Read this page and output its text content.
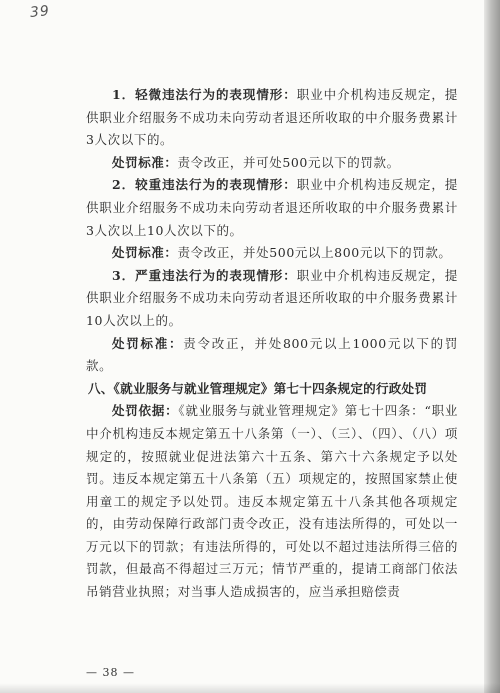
39

1．轻微违法行为的表现情形：职业中介机构违反规定，提供职业介绍服务不成功未向劳动者退还所收取的中介服务费累计3人次以下的。

处罚标准：责令改正，并可处500元以下的罚款。

2．较重违法行为的表现情形：职业中介机构违反规定，提供职业介绍服务不成功未向劳动者退还所收取的中介服务费累计3人次以上10人次以下的。

处罚标准：责令改正，并处500元以上800元以下的罚款。

3．严重违法行为的表现情形：职业中介机构违反规定，提供职业介绍服务不成功未向劳动者退还所收取的中介服务费累计10人次以上的。

处罚标准：责令改正，并处800元以上1000元以下的罚款。

八、《就业服务与就业管理规定》第七十四条规定的行政处罚

处罚依据：《就业服务与就业管理规定》第七十四条：“职业中介机构违反本规定第五十八条第（一）、（三）、（四）、（八）项规定的，按照就业促进法第六十五条、第六十六条规定予以处罚。违反本规定第五十八条第（五）项规定的，按照国家禁止使用童工的规定予以处罚。违反本规定第五十八条其他各项规定的，由劳动保障行政部门责令改正，没有违法所得的，可处以一万元以下的罚款；有违法所得的，可处以不超过违法所得三倍的罚款，但最高不得超过三万元；情节严重的，提请工商部门依法吊销营业执照；对当事人造成损害的，应当承担赔偿责

— 38 —
